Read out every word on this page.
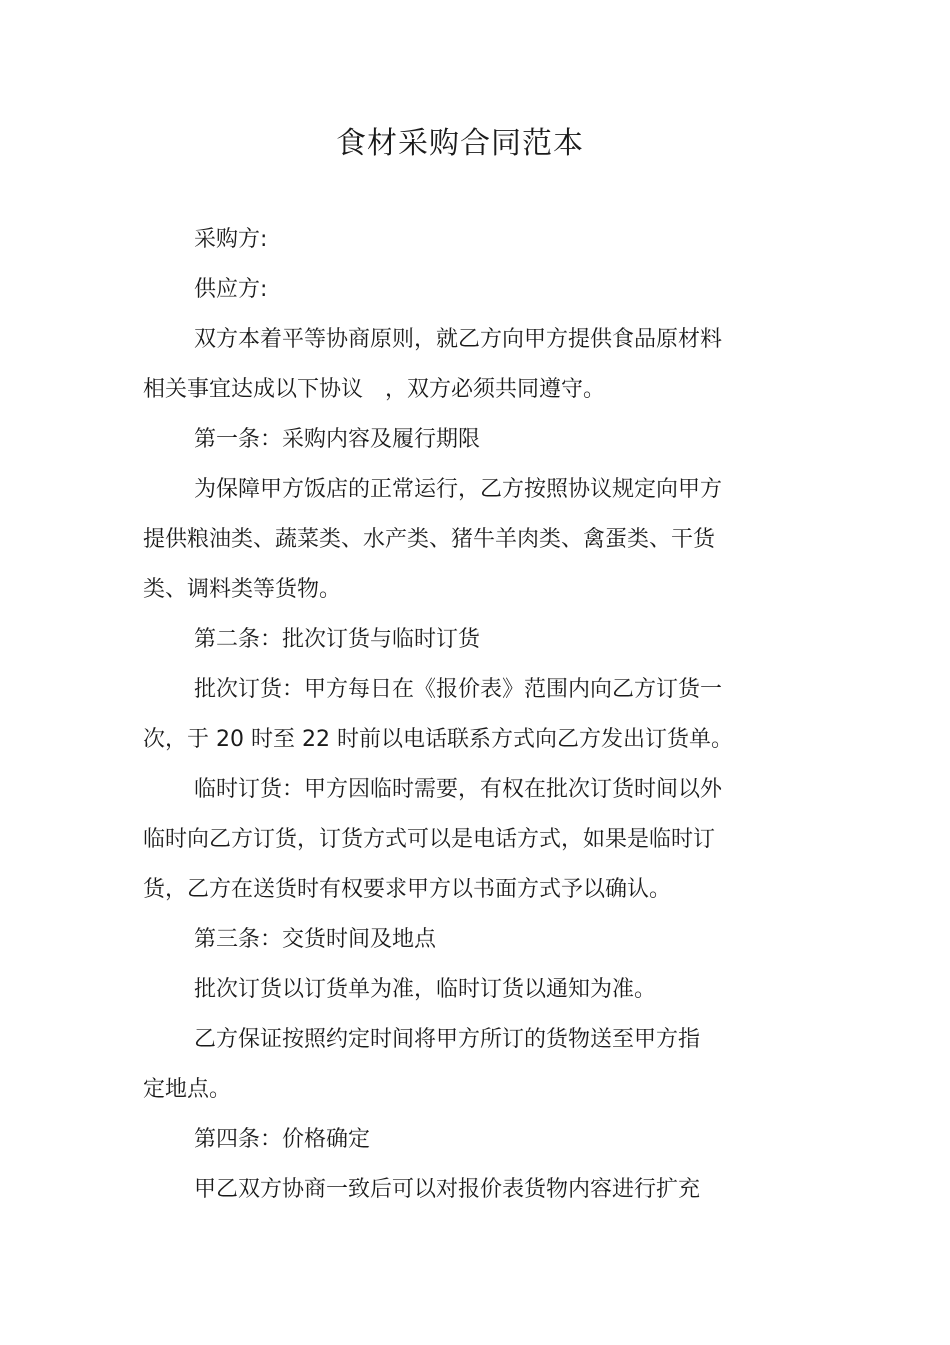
食材采购合同范本
采购方:
供应方:
双方本着平等协商原则，就乙方向甲方提供食品原材料
相关事宜达成以下协议　，双方必须共同遵守。
第一条：采购内容及履行期限
为保障甲方饭店的正常运行，乙方按照协议规定向甲方
提供粮油类、蔬菜类、水产类、猪牛羊肉类、禽蛋类、干货
类、调料类等货物。
第二条：批次订货与临时订货
批次订货：甲方每日在《报价表》范围内向乙方订货一
次，于 20 时至 22 时前以电话联系方式向乙方发出订货单。
临时订货：甲方因临时需要，有权在批次订货时间以外
临时向乙方订货，订货方式可以是电话方式，如果是临时订
货，乙方在送货时有权要求甲方以书面方式予以确认。
第三条：交货时间及地点
批次订货以订货单为准，临时订货以通知为准。
乙方保证按照约定时间将甲方所订的货物送至甲方指
定地点。
第四条：价格确定
甲乙双方协商一致后可以对报价表货物内容进行扩充
